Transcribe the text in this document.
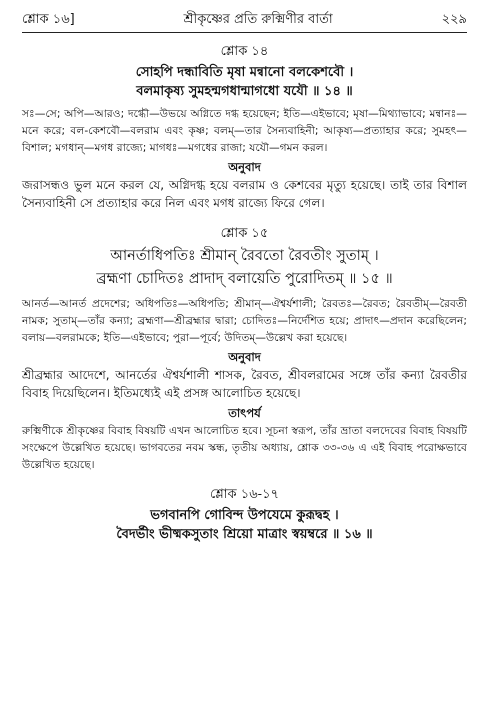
শ্লোক ১৬]	শ্রীকৃষ্ণের প্রতি রুক্মিণীর বার্তা	২২৯
শ্লোক ১৪
সোহপি দন্ধাবিতি মৃষা মন্বানো বলকেশবৌ ।
বলমাকৃষ্য সুমহন্মগধান্মাগধো যযৌ ॥ ১৪ ॥
সঃ—সে; অপি—আরও; দগ্ধৌ—উভয়ে অগ্নিতে দগ্ধ হয়েছেন; ইতি—এইভাবে; মৃষা—মিথ্যাভাবে; মন্বানঃ—মনে করে; বল-কেশবৌ—বলরাম এবং কৃষ্ণ; বলম্—তার সৈন্যবাহিনী; আকৃষ্য—প্রত্যাহার করে; সুমহৎ—বিশাল; মগধান্—মগধ রাজ্যে; মাগধঃ—মগধের রাজা; যযৌ—গমন করল।
অনুবাদ
জরাসন্ধও ভুল মনে করল যে, অগ্নিদগ্ধ হয়ে বলরাম ও কেশবের মৃত্যু হয়েছে। তাই তার বিশাল সৈন্যবাহিনী সে প্রত্যাহার করে নিল এবং মগধ রাজ্যে ফিরে গেল।
শ্লোক ১৫
আনর্তাধিপতিঃ শ্রীমান্ রৈবতো রৈবতীং সুতাম্ ।
ব্রহ্মণা চোদিতঃ প্রাদাদ্ বলায়েতি পুরোদিতম্ ॥ ১৫ ॥
আনর্ত—আনর্ত প্রদেশের; অধিপতিঃ—অধিপতি; শ্রীমান্—ঐশ্বর্যশালী; রৈবতঃ—রৈবত; রৈবতীম্—রৈবতী নামক; সুতাম্—তাঁর কন্যা; ব্রহ্মণা—শ্রীব্রহ্মার দ্বারা; চোদিতঃ—নির্দেশিত হয়ে; প্রাদাৎ—প্রদান করেছিলেন; বলায়—বলরামকে; ইতি—এইভাবে; পুরা—পূর্বে; উদিতম্—উল্লেখ করা হয়েছে।
অনুবাদ
শ্রীব্রহ্মার আদেশে, আনর্তের ঐশ্বর্যশালী শাসক, রৈবত, শ্রীবলরামের সঙ্গে তাঁর কন্যা রৈবতীর বিবাহ দিয়েছিলেন। ইতিমধ্যেই এই প্রসঙ্গ আলোচিত হয়েছে।
তাৎপর্য
রুক্মিণীকে শ্রীকৃষ্ণের বিবাহ বিষয়টি এখন আলোচিত হবে। সূচনা স্বরূপ, তাঁর ভ্রাতা বলদেবের বিবাহ বিষয়টি সংক্ষেপে উল্লেখিত হয়েছে। ভাগবতের নবম স্কন্ধ, তৃতীয় অধ্যায়, শ্লোক ৩৩-৩৬ এ এই বিবাহ পরোক্ষভাবে উল্লেখিত হয়েছে।
শ্লোক ১৬-১৭
ভগবানপি গোবিন্দ উপযেমে কুরূদ্বহ ।
বৈদর্ভীং ভীষ্মকসুতাং শ্রিয়ো মাত্রাং স্বয়ম্বরে ॥ ১৬ ॥
